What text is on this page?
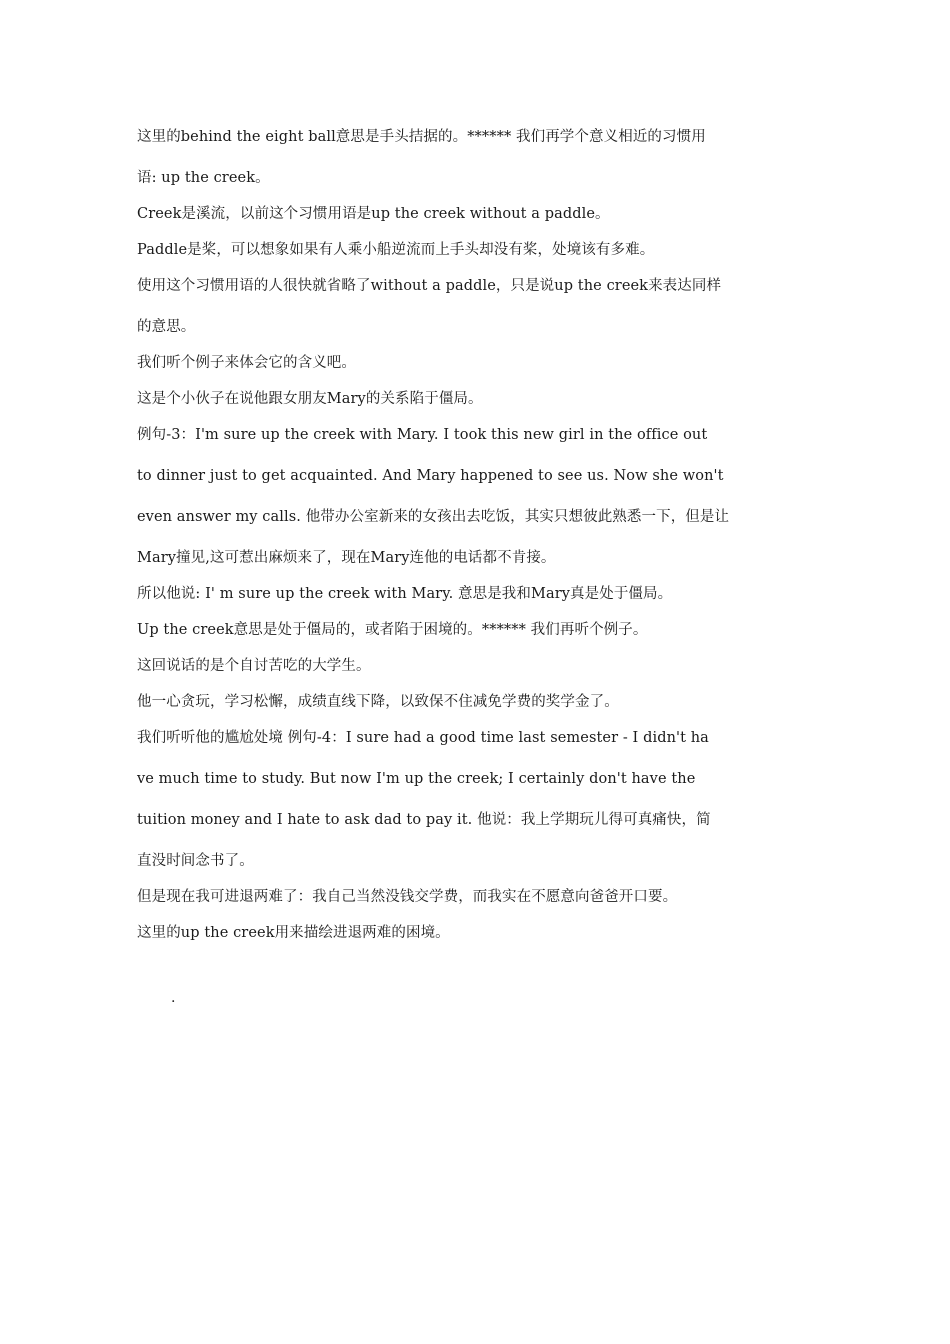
这里的behind the eight ball意思是手头拮据的。****** 我们再学个意义相近的习惯用
语: up the creek。
Creek是溪流，以前这个习惯用语是up the creek without a paddle。
Paddle是桨，可以想象如果有人乘小船逆流而上手头却没有桨，处境该有多难。
使用这个习惯用语的人很快就省略了without a paddle，只是说up the creek来表达同样
的意思。
我们听个例子来体会它的含义吧。
这是个小伙子在说他跟女朋友Mary的关系陷于僵局。
例句-3：I'm sure up the creek with Mary. I took this new girl in the office out
to dinner just to get acquainted. And Mary happened to see us. Now she won't
even answer my calls. 他带办公室新来的女孩出去吃饭，其实只想彼此熟悉一下，但是让
Mary撞见,这可惹出麻烦来了，现在Mary连他的电话都不肯接。
所以他说: I' m sure up the creek with Mary. 意思是我和Mary真是处于僵局。
Up the creek意思是处于僵局的，或者陷于困境的。****** 我们再听个例子。
这回说话的是个自讨苦吃的大学生。
他一心贪玩，学习松懈，成绩直线下降，以致保不住减免学费的奖学金了。
我们听听他的尴尬处境 例句-4：I sure had a good time last semester - I didn't ha
ve much time to study. But now I'm up the creek; I certainly don't have the
tuition money and I hate to ask dad to pay it. 他说：我上学期玩儿得可真痛快，简
直没时间念书了。
但是现在我可进退两难了：我自己当然没钱交学费，而我实在不愿意向爸爸开口要。
这里的up the creek用来描绘进退两难的困境。
.
